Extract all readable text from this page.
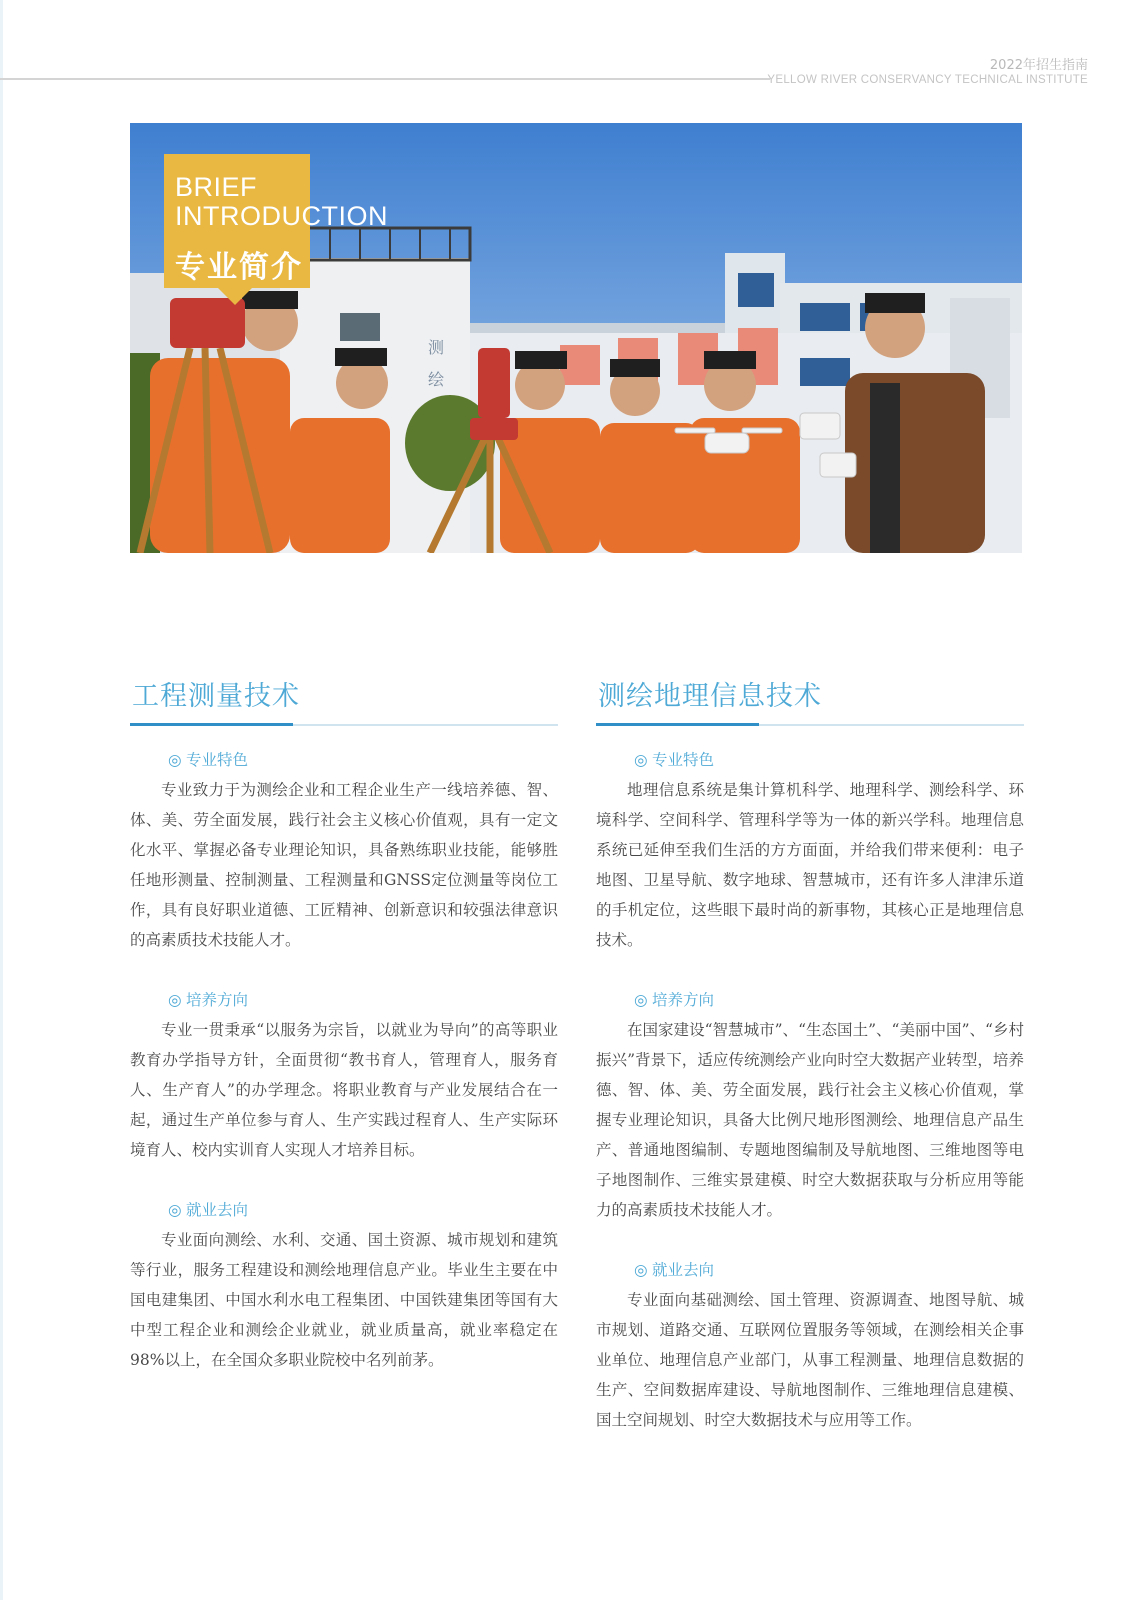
2022年招生指南
YELLOW RIVER CONSERVANCY TECHNICAL INSTITUTE
测
绘
BRIEF
INTRODUCTION
专业简介
工程测量技术
◎ 专业特色

专业致力于为测绘企业和工程企业生产一线培养德、智、体、美、劳全面发展，践行社会主义核心价值观，具有一定文化水平、掌握必备专业理论知识，具备熟练职业技能，能够胜任地形测量、控制测量、工程测量和GNSS定位测量等岗位工作，具有良好职业道德、工匠精神、创新意识和较强法律意识的高素质技术技能人才。

◎ 培养方向

专业一贯秉承“以服务为宗旨，以就业为导向”的高等职业教育办学指导方针，全面贯彻“教书育人，管理育人，服务育人、生产育人”的办学理念。将职业教育与产业发展结合在一起，通过生产单位参与育人、生产实践过程育人、生产实际环境育人、校内实训育人实现人才培养目标。

◎ 就业去向

专业面向测绘、水利、交通、国土资源、城市规划和建筑等行业，服务工程建设和测绘地理信息产业。毕业生主要在中国电建集团、中国水利水电工程集团、中国铁建集团等国有大中型工程企业和测绘企业就业，就业质量高，就业率稳定在98%以上，在全国众多职业院校中名列前茅。

测绘地理信息技术
◎ 专业特色

地理信息系统是集计算机科学、地理科学、测绘科学、环境科学、空间科学、管理科学等为一体的新兴学科。地理信息系统已延伸至我们生活的方方面面，并给我们带来便利：电子地图、卫星导航、数字地球、智慧城市，还有许多人津津乐道的手机定位，这些眼下最时尚的新事物，其核心正是地理信息技术。

◎ 培养方向

在国家建设“智慧城市”、“生态国土”、“美丽中国”、“乡村振兴”背景下，适应传统测绘产业向时空大数据产业转型，培养德、智、体、美、劳全面发展，践行社会主义核心价值观，掌握专业理论知识，具备大比例尺地形图测绘、地理信息产品生产、普通地图编制、专题地图编制及导航地图、三维地图等电子地图制作、三维实景建模、时空大数据获取与分析应用等能力的高素质技术技能人才。

◎ 就业去向

专业面向基础测绘、国土管理、资源调查、地图导航、城市规划、道路交通、互联网位置服务等领域，在测绘相关企事业单位、地理信息产业部门，从事工程测量、地理信息数据的生产、空间数据库建设、导航地图制作、三维地理信息建模、国土空间规划、时空大数据技术与应用等工作。
